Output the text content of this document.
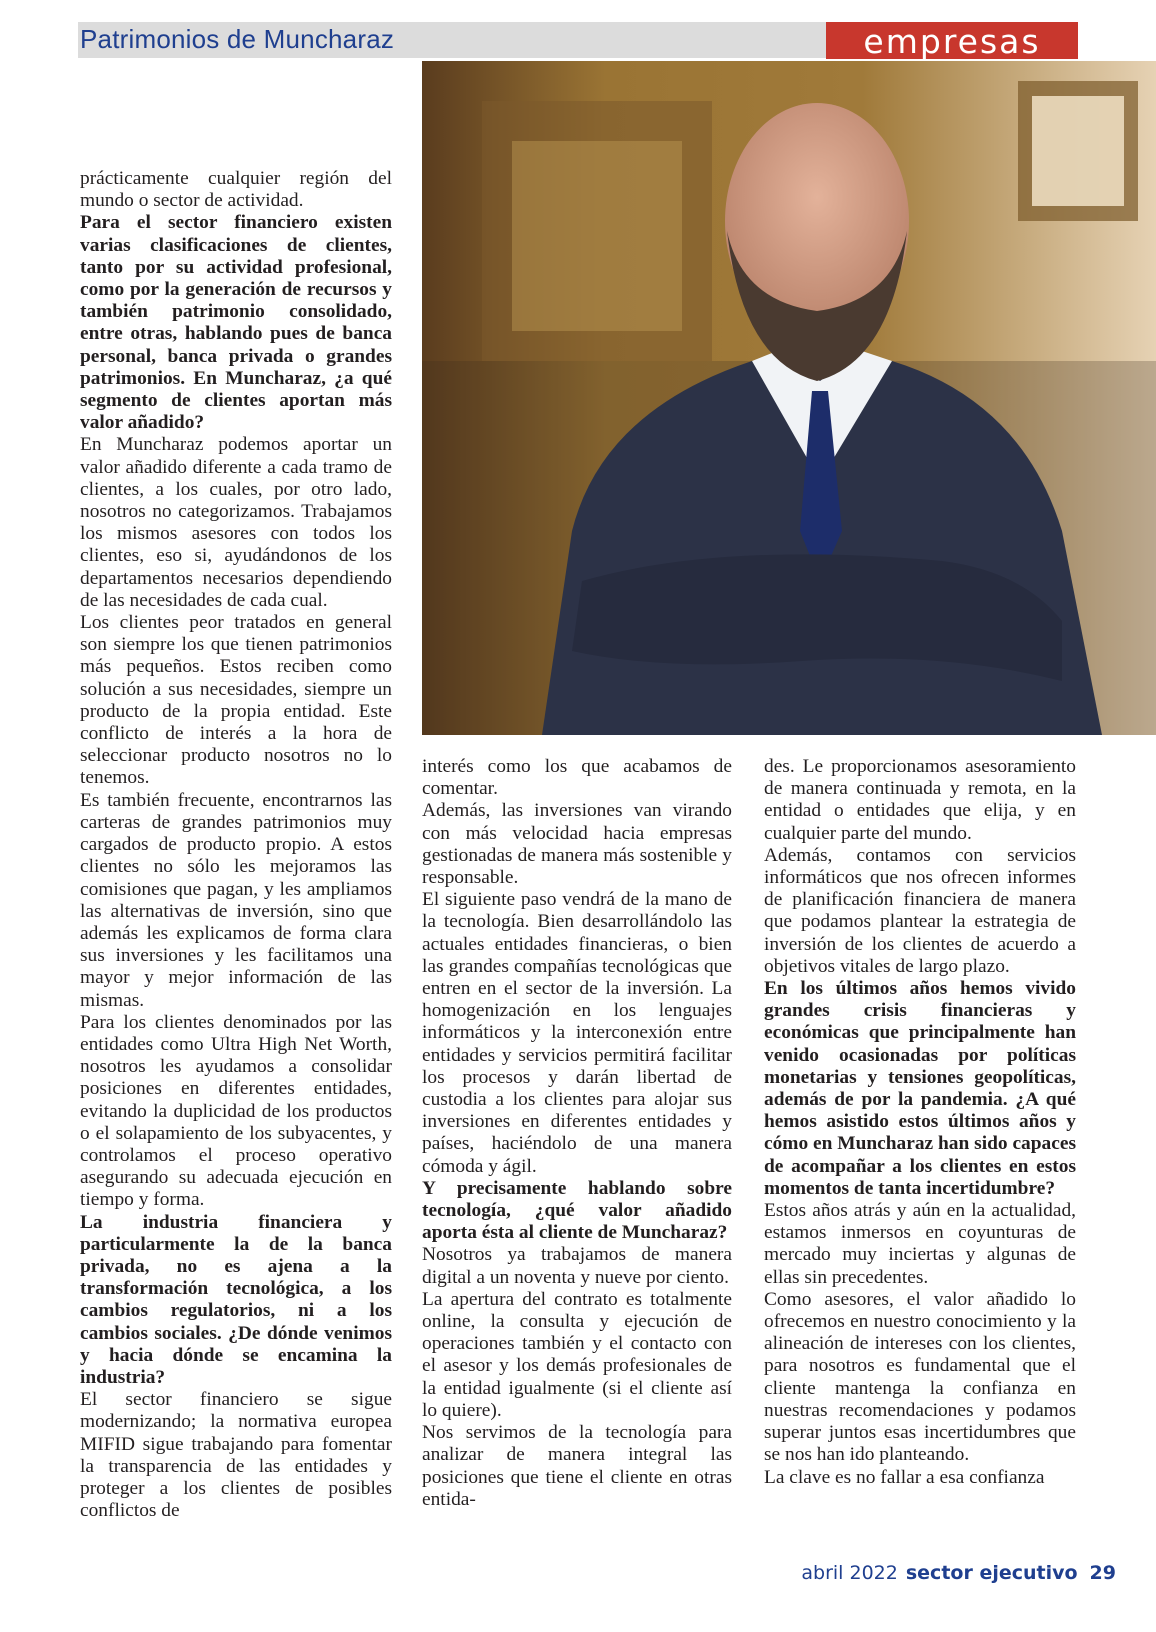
Patrimonios de Muncharaz	empresas

prácticamente cualquier región del mundo o sector de actividad.

Para el sector financiero existen varias clasificaciones de clientes, tanto por su actividad profesional, como por la generación de recursos y también patrimonio consolidado, entre otras, hablando pues de banca personal, banca privada o grandes patrimonios. En Muncharaz, ¿a qué segmento de clientes aportan más valor añadido?

En Muncharaz podemos aportar un valor añadido diferente a cada tramo de clientes, a los cuales, por otro lado, nosotros no categorizamos. Trabajamos los mismos asesores con todos los clientes, eso si, ayudándonos de los departamentos necesarios dependiendo de las necesidades de cada cual.

Los clientes peor tratados en general son siempre los que tienen patrimonios más pequeños. Estos reciben como solución a sus necesidades, siempre un producto de la propia entidad. Este conflicto de interés a la hora de seleccionar producto nosotros no lo tenemos.

Es también frecuente, encontrarnos las carteras de grandes patrimonios muy cargados de producto propio. A estos clientes no sólo les mejoramos las comisiones que pagan, y les ampliamos las alternativas de inversión, sino que además les explicamos de forma clara sus inversiones y les facilitamos una mayor y mejor información de las mismas.

Para los clientes denominados por las entidades como Ultra High Net Worth, nosotros les ayudamos a consolidar posiciones en diferentes entidades, evitando la duplicidad de los productos o el solapamiento de los subyacentes, y controlamos el proceso operativo asegurando su adecuada ejecución en tiempo y forma.

La industria financiera y particularmente la de la banca privada, no es ajena a la transformación tecnológica, a los cambios regulatorios, ni a los cambios sociales. ¿De dónde venimos y hacia dónde se encamina la industria?

El sector financiero se sigue modernizando; la normativa europea MIFID sigue trabajando para fomentar la transparencia de las entidades y proteger a los clientes de posibles conflictos de

interés como los que acabamos de comentar.

Además, las inversiones van virando con más velocidad hacia empresas gestionadas de manera más sostenible y responsable.

El siguiente paso vendrá de la mano de la tecnología. Bien desarrollándolo las actuales entidades financieras, o bien las grandes compañías tecnológicas que entren en el sector de la inversión. La homogenización en los lenguajes informáticos y la interconexión entre entidades y servicios permitirá facilitar los procesos y darán libertad de custodia a los clientes para alojar sus inversiones en diferentes entidades y países, haciéndolo de una manera cómoda y ágil.

Y precisamente hablando sobre tecnología, ¿qué valor añadido aporta ésta al cliente de Muncharaz?

Nosotros ya trabajamos de manera digital a un noventa y nueve por ciento.

La apertura del contrato es totalmente online, la consulta y ejecución de operaciones también y el contacto con el asesor y los demás profesionales de la entidad igualmente (si el cliente así lo quiere).

Nos servimos de la tecnología para analizar de manera integral las posiciones que tiene el cliente en otras entida-

des. Le proporcionamos asesoramiento de manera continuada y remota, en la entidad o entidades que elija, y en cualquier parte del mundo.

Además, contamos con servicios informáticos que nos ofrecen informes de planificación financiera de manera que podamos plantear la estrategia de inversión de los clientes de acuerdo a objetivos vitales de largo plazo.

En los últimos años hemos vivido grandes crisis financieras y económicas que principalmente han venido ocasionadas por políticas monetarias y tensiones geopolíticas, además de por la pandemia. ¿A qué hemos asistido estos últimos años y cómo en Muncharaz han sido capaces de acompañar a los clientes en estos momentos de tanta incertidumbre?

Estos años atrás y aún en la actualidad, estamos inmersos en coyunturas de mercado muy inciertas y algunas de ellas sin precedentes.

Como asesores, el valor añadido lo ofrecemos en nuestro conocimiento y la alineación de intereses con los clientes, para nosotros es fundamental que el cliente mantenga la confianza en nuestras recomendaciones y podamos superar juntos esas incertidumbres que se nos han ido planteando.

La clave es no fallar a esa confianza

abril 2022 sector ejecutivo 29
